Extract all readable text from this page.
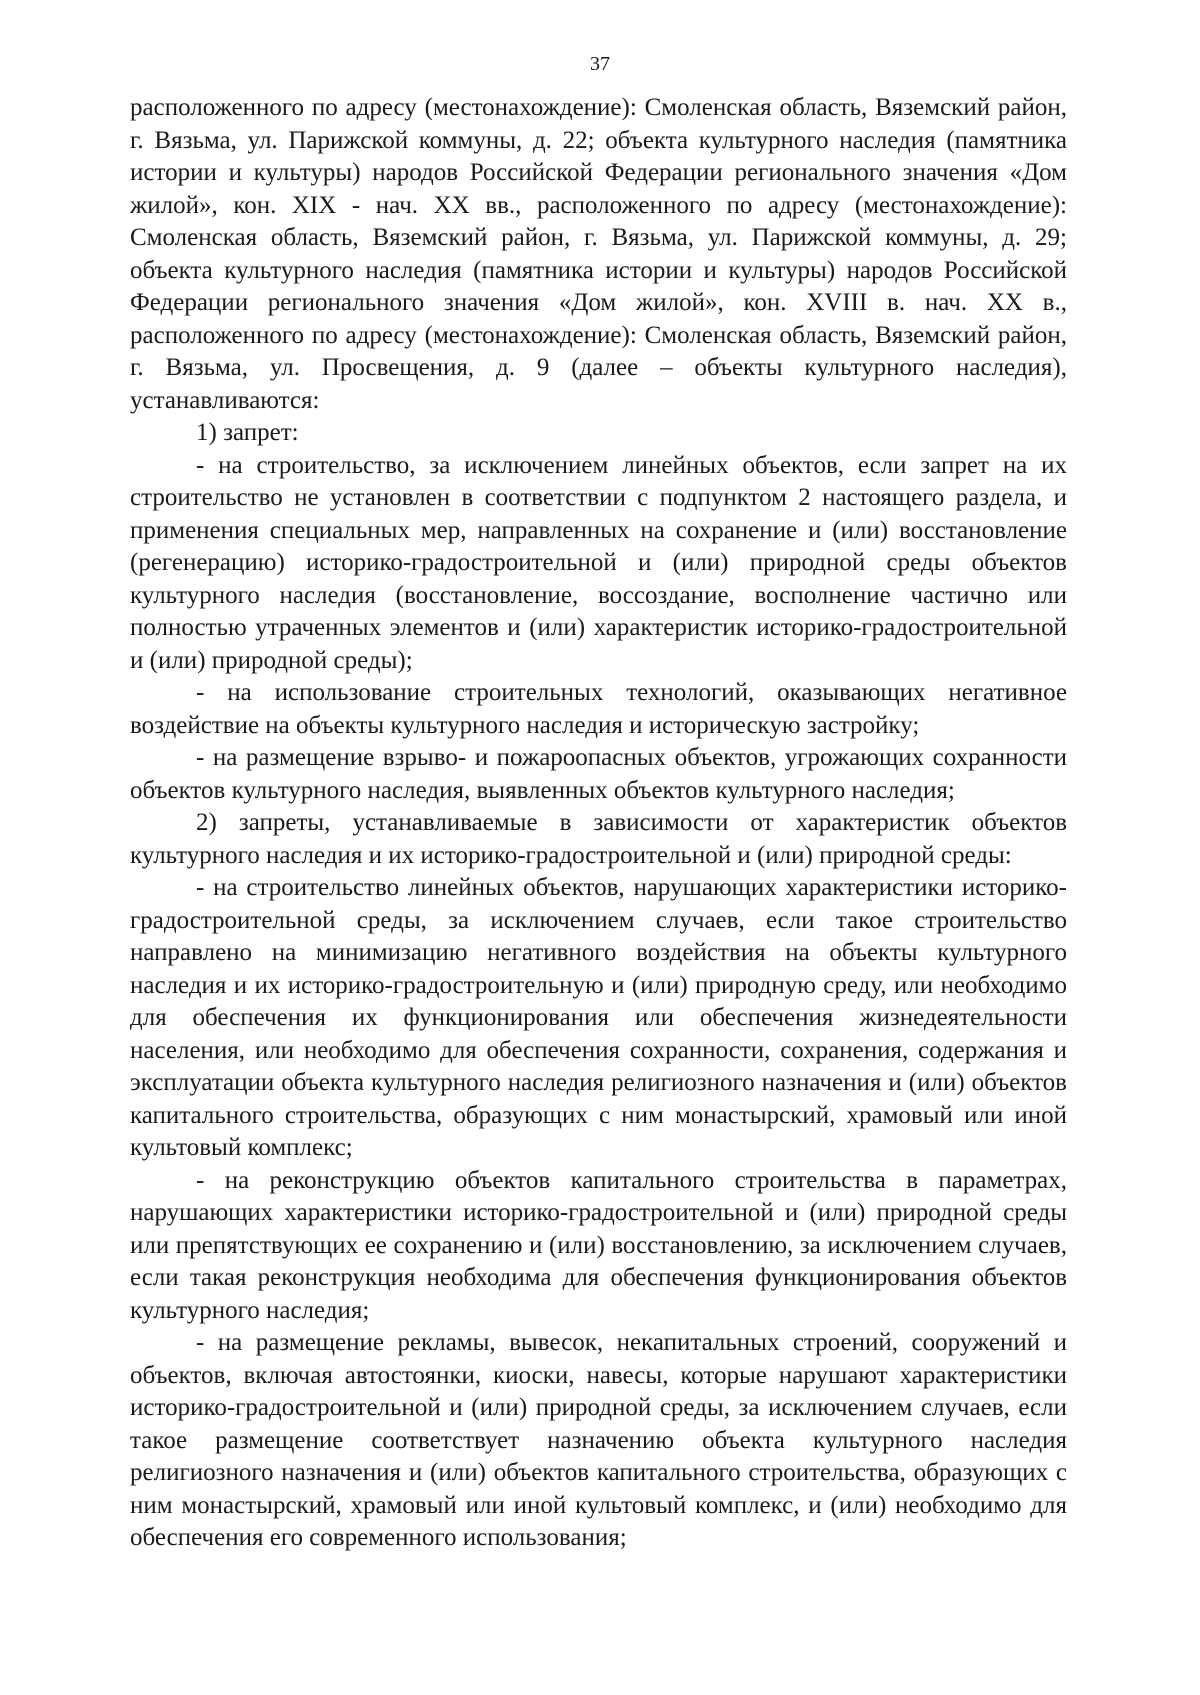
37

расположенного по адресу (местонахождение): Смоленская область, Вяземский район, г. Вязьма, ул. Парижской коммуны, д. 22; объекта культурного наследия (памятника истории и культуры) народов Российской Федерации регионального значения «Дом жилой», кон. XIX - нач. XX вв., расположенного по адресу (местонахождение): Смоленская область, Вяземский район, г. Вязьма, ул. Парижской коммуны, д. 29; объекта культурного наследия (памятника истории и культуры) народов Российской Федерации регионального значения «Дом жилой», кон. XVIII в. нач. XX в., расположенного по адресу (местонахождение): Смоленская область, Вяземский район, г. Вязьма, ул. Просвещения, д. 9 (далее – объекты культурного наследия), устанавливаются:

1) запрет:

- на строительство, за исключением линейных объектов, если запрет на их строительство не установлен в соответствии с подпунктом 2 настоящего раздела, и применения специальных мер, направленных на сохранение и (или) восстановление (регенерацию) историко-градостроительной и (или) природной среды объектов культурного наследия (восстановление, воссоздание, восполнение частично или полностью утраченных элементов и (или) характеристик историко-градостроительной и (или) природной среды);

- на использование строительных технологий, оказывающих негативное воздействие на объекты культурного наследия и историческую застройку;

- на размещение взрыво- и пожароопасных объектов, угрожающих сохранности объектов культурного наследия, выявленных объектов культурного наследия;

2) запреты, устанавливаемые в зависимости от характеристик объектов культурного наследия и их историко-градостроительной и (или) природной среды:

- на строительство линейных объектов, нарушающих характеристики историко-градостроительной среды, за исключением случаев, если такое строительство направлено на минимизацию негативного воздействия на объекты культурного наследия и их историко-градостроительную и (или) природную среду, или необходимо для обеспечения их функционирования или обеспечения жизнедеятельности населения, или необходимо для обеспечения сохранности, сохранения, содержания и эксплуатации объекта культурного наследия религиозного назначения и (или) объектов капитального строительства, образующих с ним монастырский, храмовый или иной культовый комплекс;

- на реконструкцию объектов капитального строительства в параметрах, нарушающих характеристики историко-градостроительной и (или) природной среды или препятствующих ее сохранению и (или) восстановлению, за исключением случаев, если такая реконструкция необходима для обеспечения функционирования объектов культурного наследия;

- на размещение рекламы, вывесок, некапитальных строений, сооружений и объектов, включая автостоянки, киоски, навесы, которые нарушают характеристики историко-градостроительной и (или) природной среды, за исключением случаев, если такое размещение соответствует назначению объекта культурного наследия религиозного назначения и (или) объектов капитального строительства, образующих с ним монастырский, храмовый или иной культовый комплекс, и (или) необходимо для обеспечения его современного использования;
